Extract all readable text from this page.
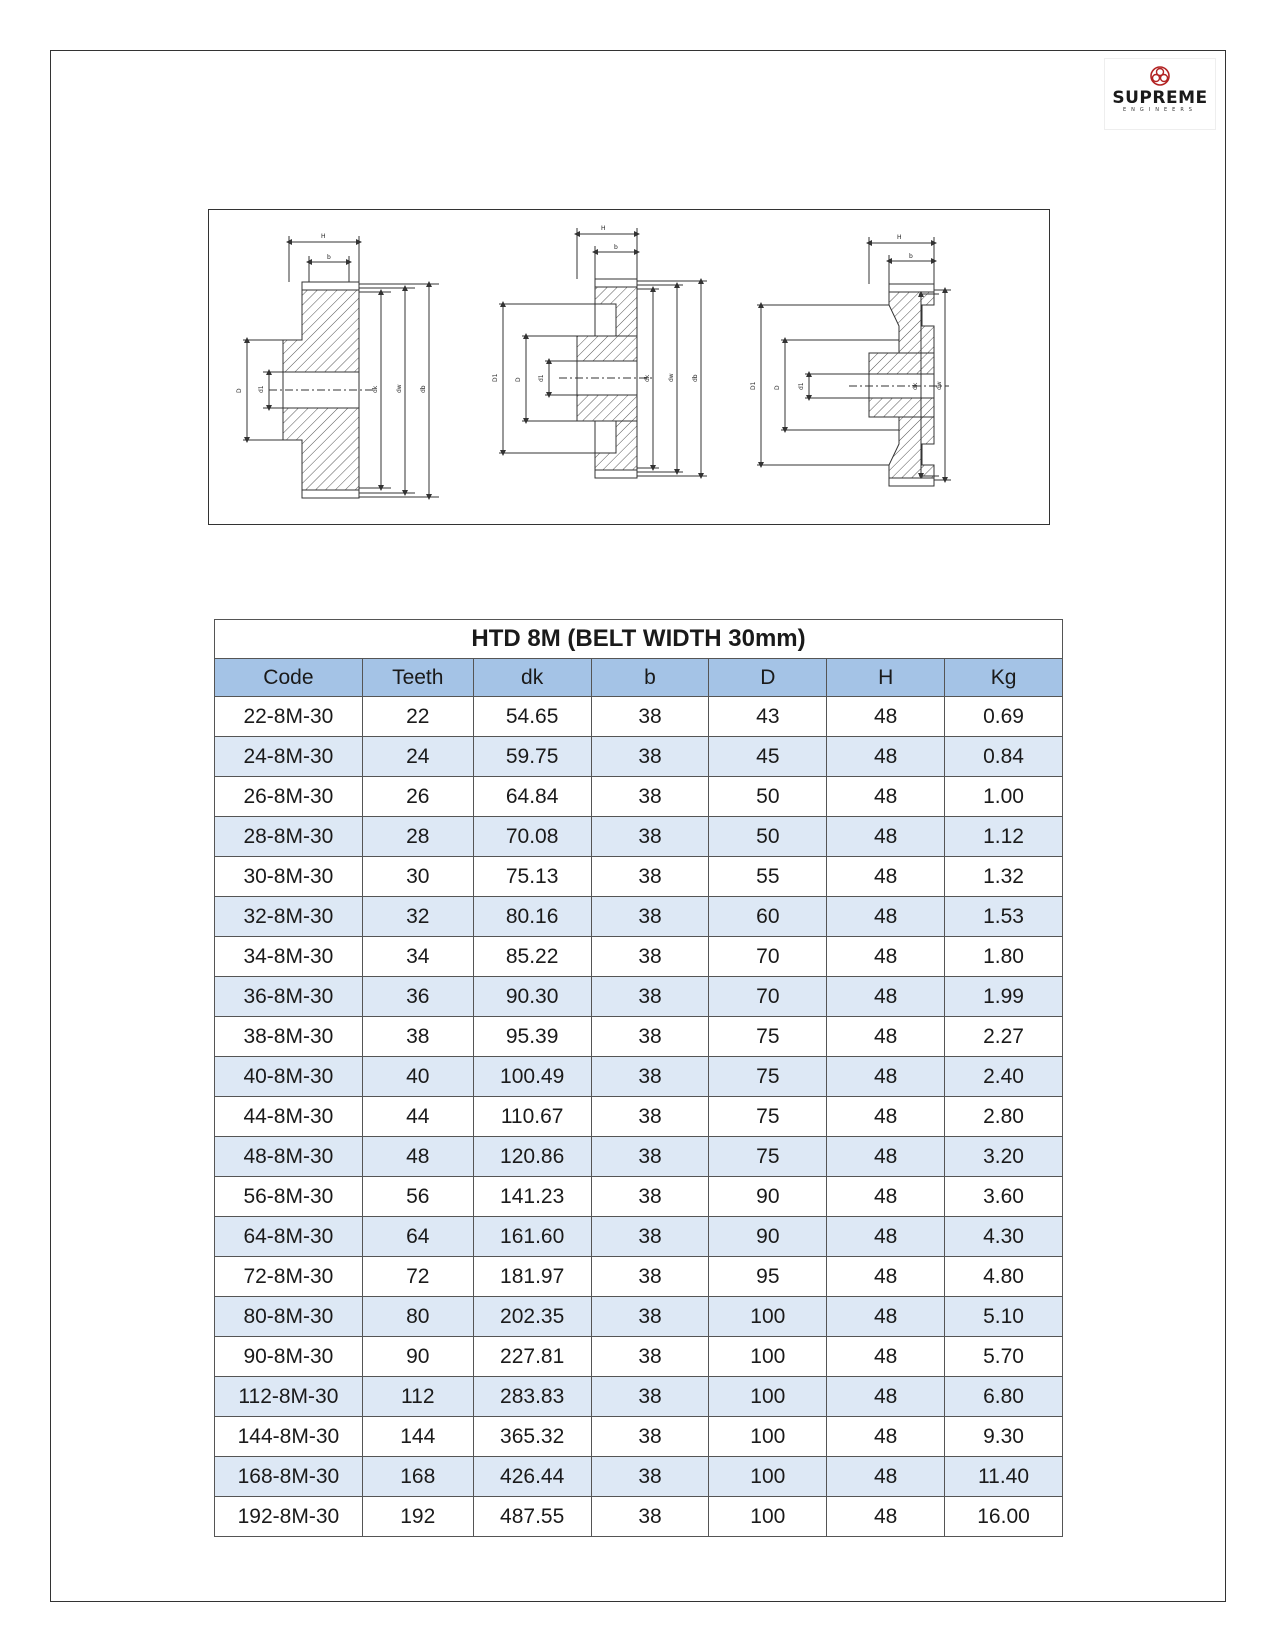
SUPREME
ENGINEERS
H
b
D	d1	dk	dw	db
H
b
D1	D	d1	dk	dw	db
H
b
D1	D	d1	dk	dw
HTD 8M (BELT WIDTH 30mm)						
Code	Teeth	dk	b	D	H	Kg
22-8M-30	22	54.65	38	43	48	0.69
24-8M-30	24	59.75	38	45	48	0.84
26-8M-30	26	64.84	38	50	48	1.00
28-8M-30	28	70.08	38	50	48	1.12
30-8M-30	30	75.13	38	55	48	1.32
32-8M-30	32	80.16	38	60	48	1.53
34-8M-30	34	85.22	38	70	48	1.80
36-8M-30	36	90.30	38	70	48	1.99
38-8M-30	38	95.39	38	75	48	2.27
40-8M-30	40	100.49	38	75	48	2.40
44-8M-30	44	110.67	38	75	48	2.80
48-8M-30	48	120.86	38	75	48	3.20
56-8M-30	56	141.23	38	90	48	3.60
64-8M-30	64	161.60	38	90	48	4.30
72-8M-30	72	181.97	38	95	48	4.80
80-8M-30	80	202.35	38	100	48	5.10
90-8M-30	90	227.81	38	100	48	5.70
112-8M-30	112	283.83	38	100	48	6.80
144-8M-30	144	365.32	38	100	48	9.30
168-8M-30	168	426.44	38	100	48	11.40
192-8M-30	192	487.55	38	100	48	16.00
